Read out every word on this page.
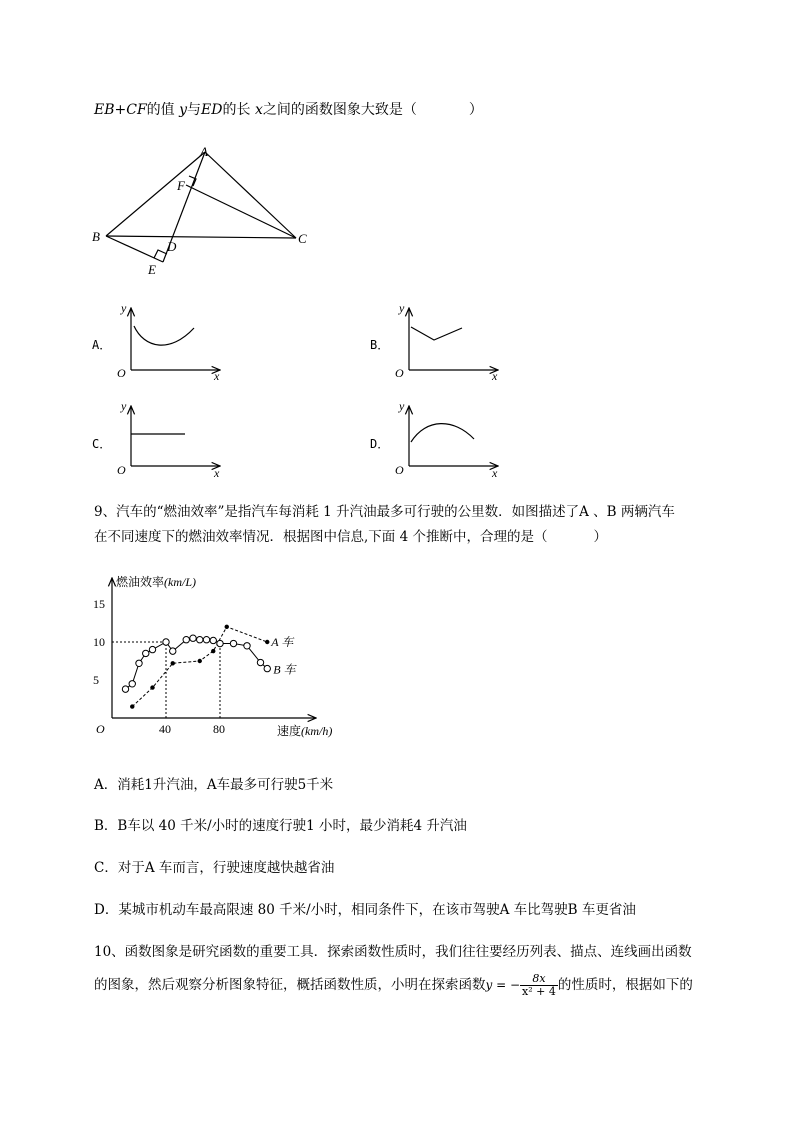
EB+CF的值 y与ED的长 x之间的函数图象大致是（	）
A
B	C
D
E
F
A．	B．
C．	D．
y
O	x
y
O	x
y
O	x
y
O	x
9、汽车的“燃油效率”是指汽车每消耗 1 升汽油最多可行驶的公里数．如图描述了A 、B 两辆汽车
在不同速度下的燃油效率情况．根据图中信息,下面 4 个推断中，合理的是（	）
燃油效率(km/L)
速度(km/h)
O
15
10
5
40	80
A 车
B 车
A．消耗1升汽油，A车最多可行驶5千米
B．B车以 40 千米/小时的速度行驶1 小时，最少消耗4 升汽油
C．对于A 车而言，行驶速度越快越省油
D．某城市机动车最高限速 80 千米/小时，相同条件下，在该市驾驶A 车比驾驶B 车更省油
10、函数图象是研究函数的重要工具．探索函数性质时，我们往往要经历列表、描点、连线画出函数
的图象，然后观察分析图象特征，概括函数性质，小明在探索函数y = − $\frac{8x}{\text{x² + 4}}$ 的性质时，根据如下的
